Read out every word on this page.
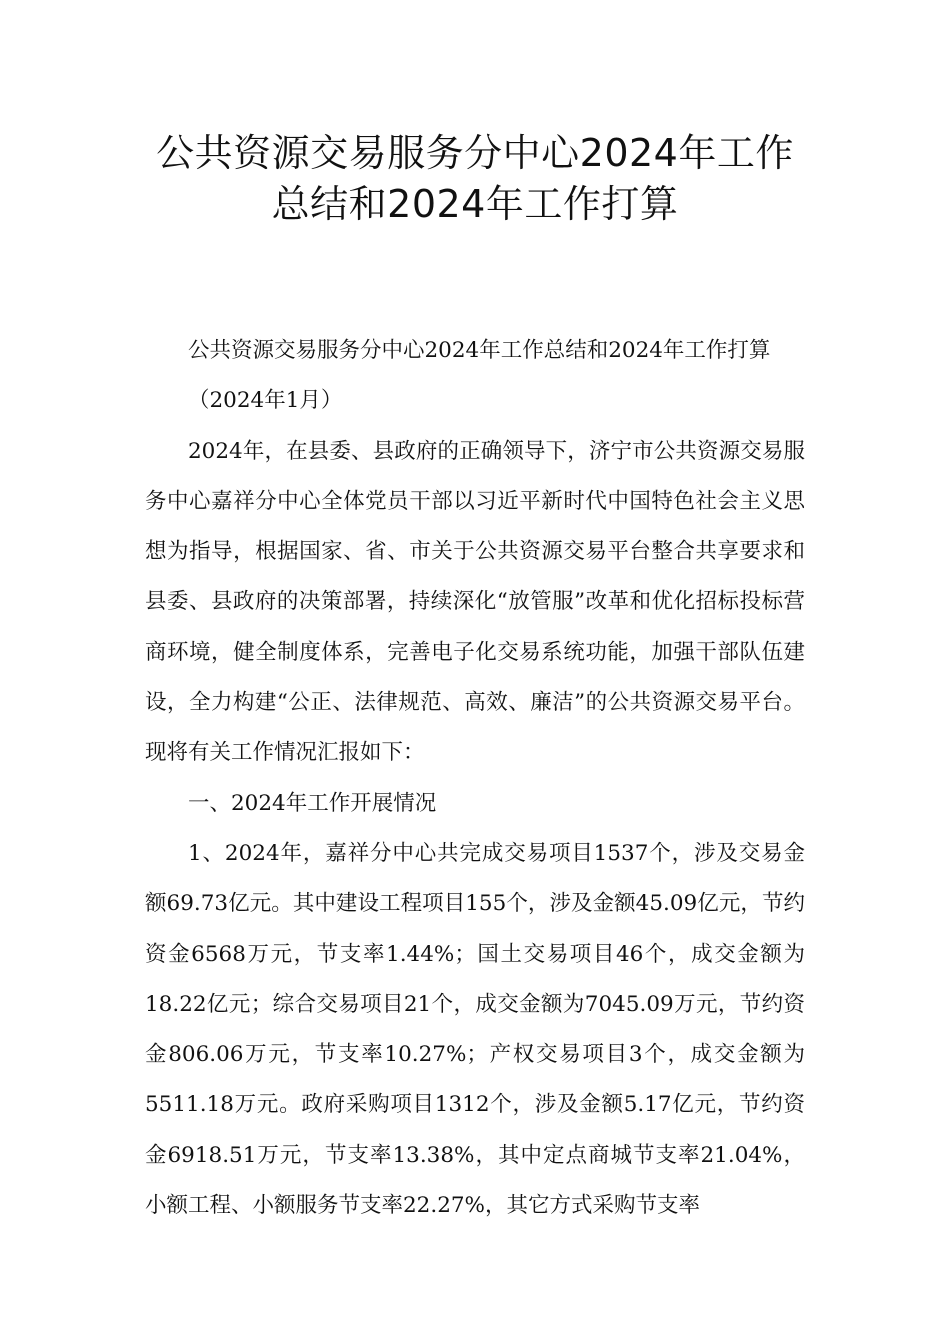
公共资源交易服务分中心2024年工作
总结和2024年工作打算

公共资源交易服务分中心2024年工作总结和2024年工作打算

（2024年1月）

2024年，在县委、县政府的正确领导下，济宁市公共资源交易服务中心嘉祥分中心全体党员干部以习近平新时代中国特色社会主义思想为指导，根据国家、省、市关于公共资源交易平台整合共享要求和县委、县政府的决策部署，持续深化“放管服”改革和优化招标投标营商环境，健全制度体系，完善电子化交易系统功能，加强干部队伍建设，全力构建“公正、法律规范、高效、廉洁”的公共资源交易平台。现将有关工作情况汇报如下：

一、2024年工作开展情况

1、2024年，嘉祥分中心共完成交易项目1537个，涉及交易金额69.73亿元。其中建设工程项目155个，涉及金额45.09亿元，节约资金6568万元，节支率1.44%；国土交易项目46个，成交金额为18.22亿元；综合交易项目21个，成交金额为7045.09万元，节约资金806.06万元，节支率10.27%；产权交易项目3个，成交金额为5511.18万元。政府采购项目1312个，涉及金额5.17亿元，节约资金6918.51万元，节支率13.38%，其中定点商城节支率21.04%，小额工程、小额服务节支率22.27%，其它方式采购节支率
